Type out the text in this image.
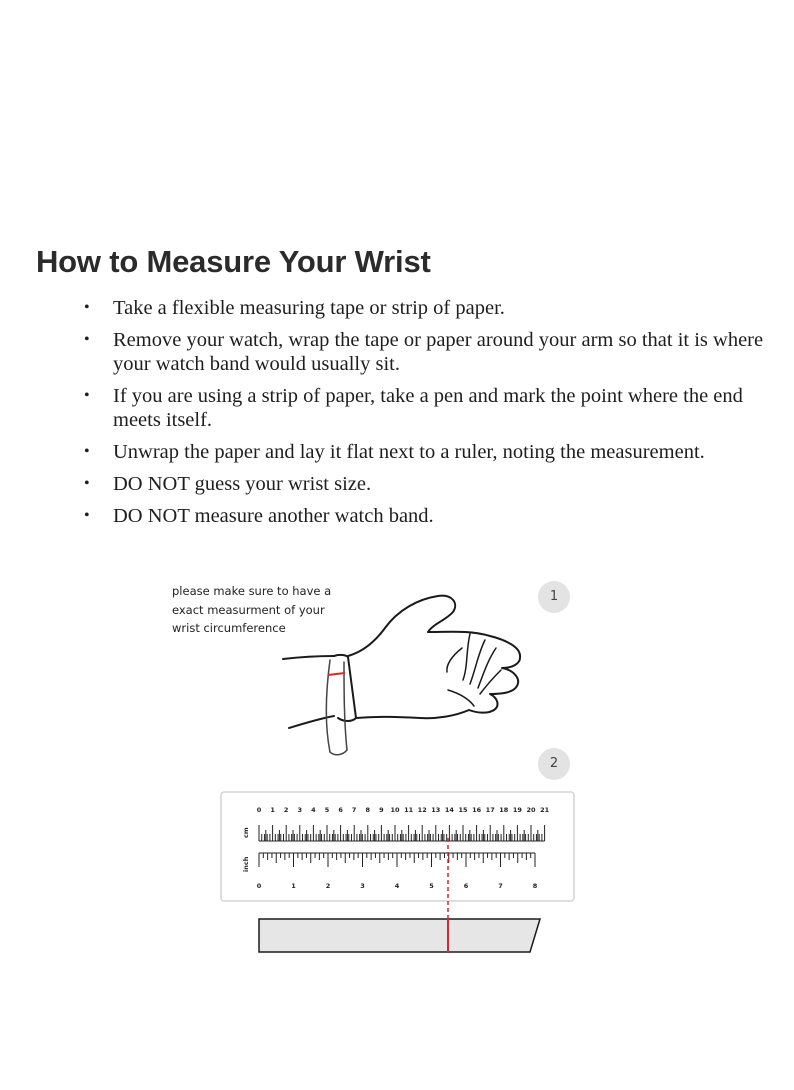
How to Measure Your Wrist
• Take a flexible measuring tape or strip of paper.
• Remove your watch, wrap the tape or paper around your arm so that it is where your watch band would usually sit.
• If you are using a strip of paper, take a pen and mark the point where the end meets itself.
• Unwrap the paper and lay it flat next to a ruler, noting the measurement.
• DO NOT guess your wrist size.
• DO NOT measure another watch band.
please make sure to have a
exact measurment of your
wrist circumference
1
2
0 1 2 3 4 5 6 7 8 9 10 11 12 13 14 15 16 17 18 19 20 21
0	1	2	3	4	5	6	7	8
cm
inch
